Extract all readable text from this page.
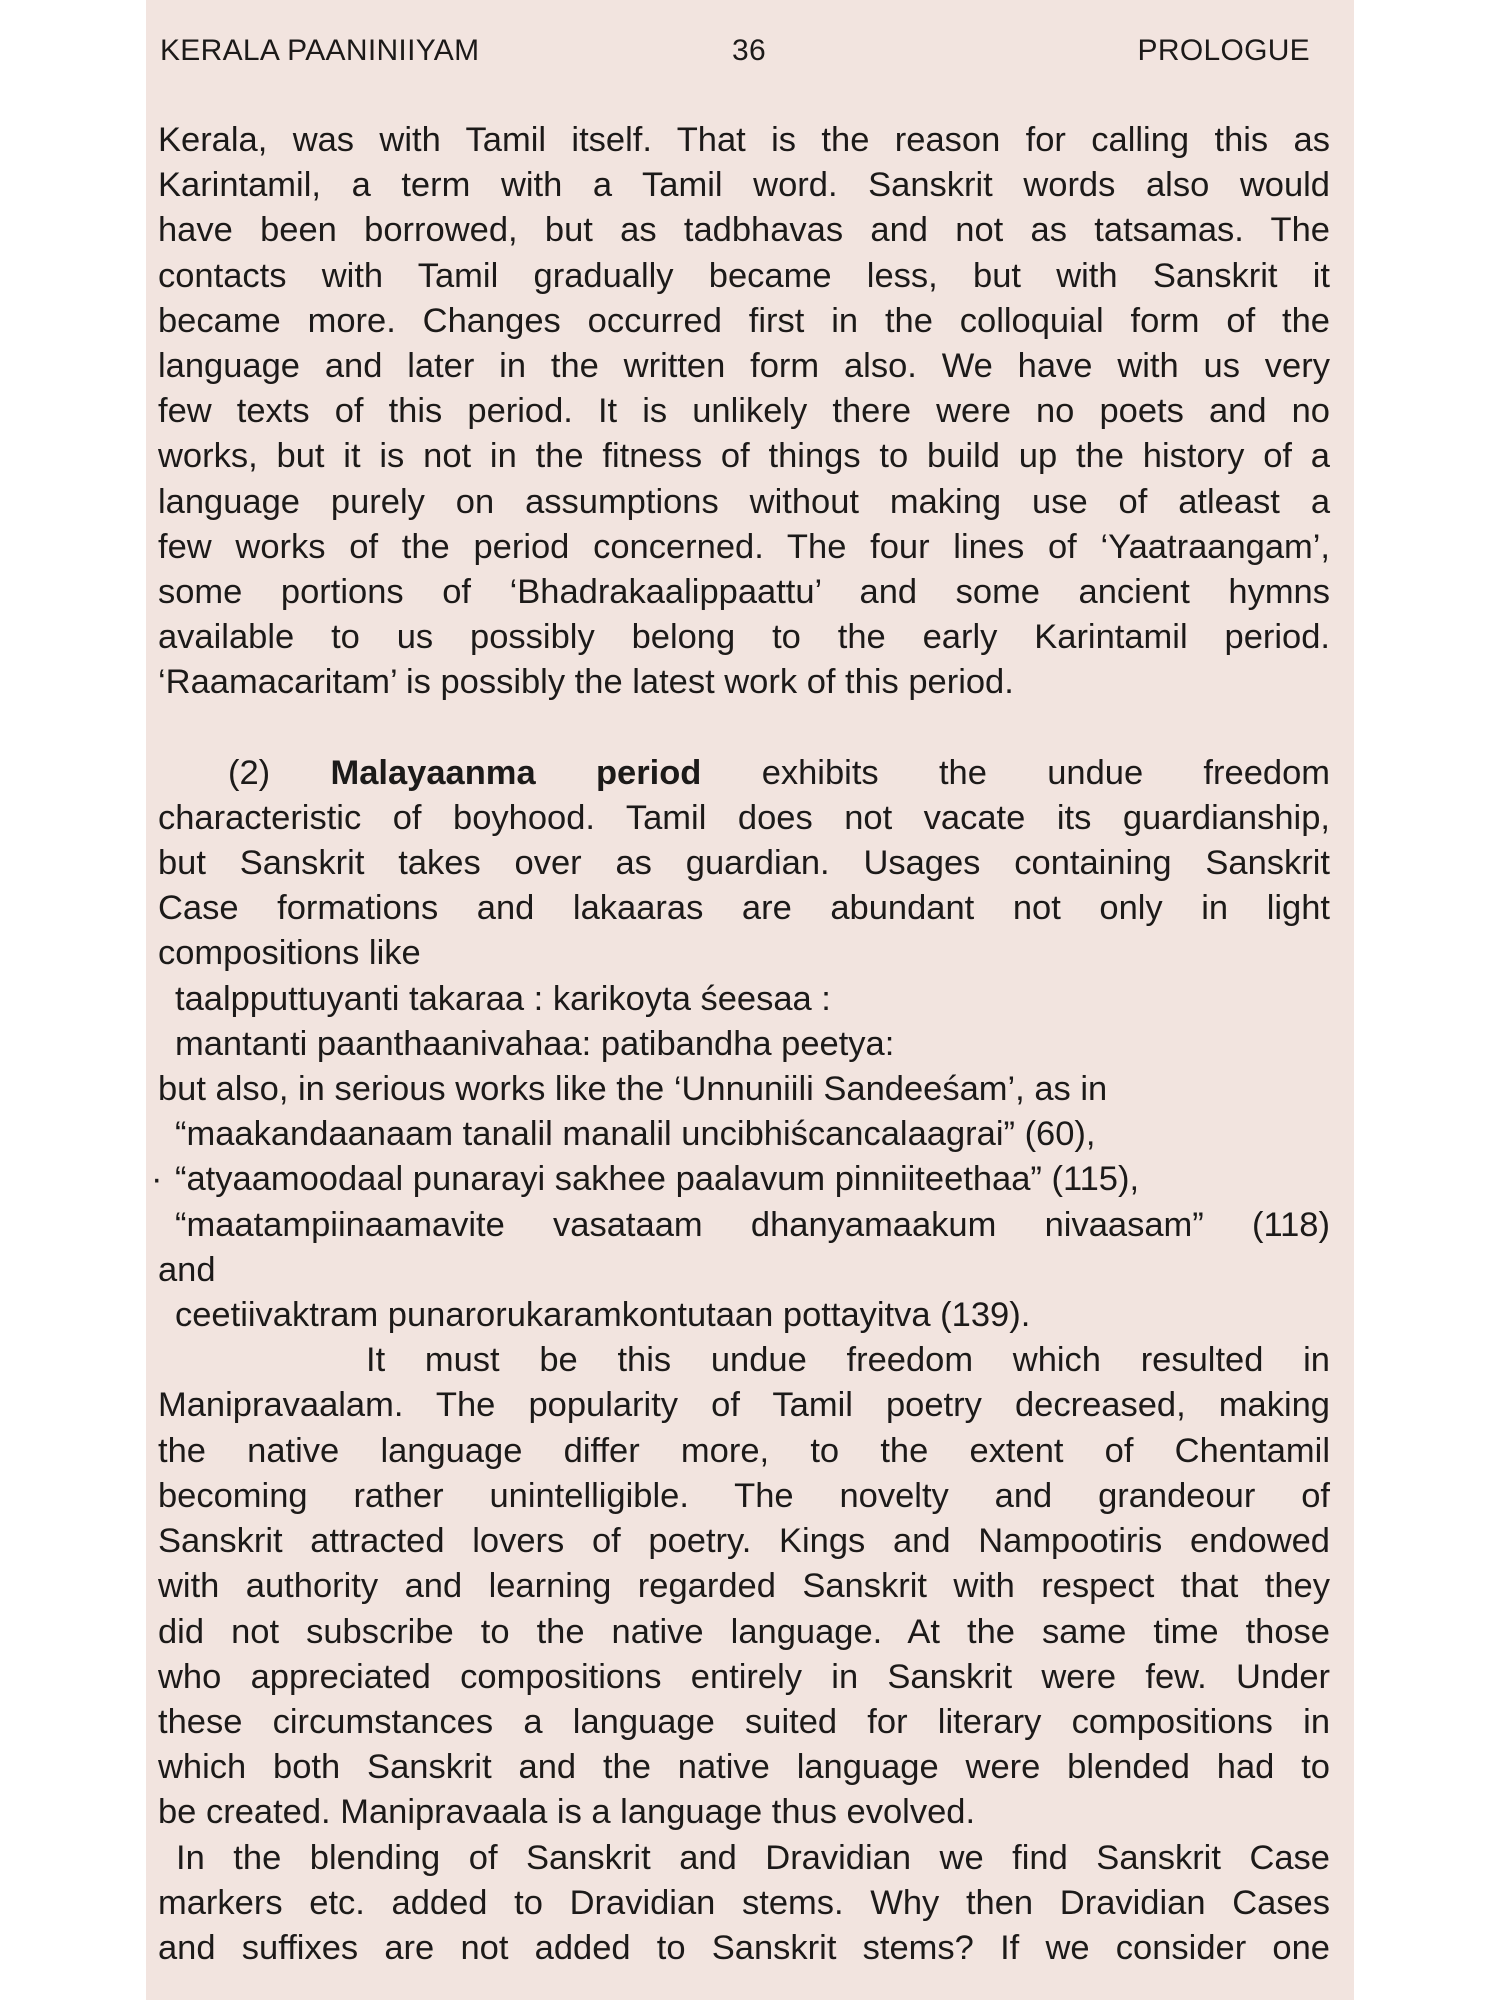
KERALA PAANINIIYAM	36	PROLOGUE

Kerala, was with Tamil itself. That is the reason for calling this as

Karintamil, a term with a Tamil word. Sanskrit words also would

have been borrowed, but as tadbhavas and not as tatsamas. The

contacts with Tamil gradually became less, but with Sanskrit it

became more. Changes occurred first in the colloquial form of the

language and later in the written form also. We have with us very

few texts of this period. It is unlikely there were no poets and no

works, but it is not in the fitness of things to build up the history of a

language purely on assumptions without making use of atleast a

few works of the period concerned. The four lines of ‘Yaatraangam’,

some portions of ‘Bhadrakaalippaattu’ and some ancient hymns

available to us possibly belong to the early Karintamil period.

‘Raamacaritam’ is possibly the latest work of this period.

(2) Malayaanma period exhibits the undue freedom

characteristic of boyhood. Tamil does not vacate its guardianship,

but Sanskrit takes over as guardian. Usages containing Sanskrit

Case formations and lakaaras are abundant not only in light

compositions like

taalpputtuyanti takaraa : karikoyta śeesaa :

mantanti paanthaanivahaa: patibandha peetya:

but also, in serious works like the ‘Unnuniili Sandeeśam’, as in

“maakandaanaam tanalil manalil uncibhiścancalaagrai” (60),

· “atyaamoodaal punarayi sakhee paalavum pinniiteethaa” (115),

“maatampiinaamavite vasataam dhanyamaakum nivaasam” (118)

and

ceetiivaktram punarorukaramkontutaan pottayitva (139).

It must be this undue freedom which resulted in

Manipravaalam. The popularity of Tamil poetry decreased, making

the native language differ more, to the extent of Chentamil

becoming rather unintelligible. The novelty and grandeour of

Sanskrit attracted lovers of poetry. Kings and Nampootiris endowed

with authority and learning regarded Sanskrit with respect that they

did not subscribe to the native language. At the same time those

who appreciated compositions entirely in Sanskrit were few. Under

these circumstances a language suited for literary compositions in

which both Sanskrit and the native language were blended had to

be created. Manipravaala is a language thus evolved.

In the blending of Sanskrit and Dravidian we find Sanskrit Case

markers etc. added to Dravidian stems. Why then Dravidian Cases

and suffixes are not added to Sanskrit stems? If we consider one
